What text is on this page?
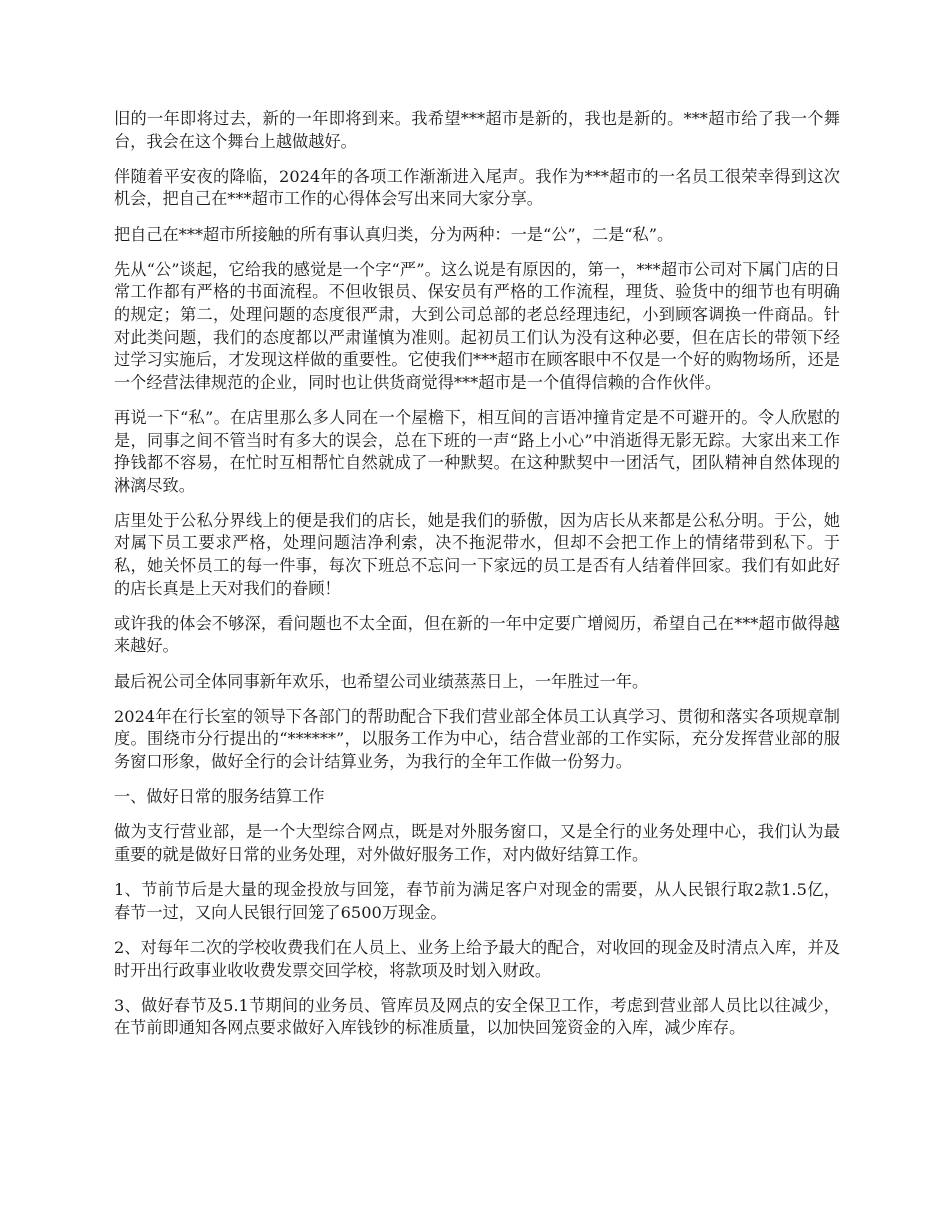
旧的一年即将过去，新的一年即将到来。我希望***超市是新的，我也是新的。***超市给了我一个舞台，我会在这个舞台上越做越好。

伴随着平安夜的降临，2024年的各项工作渐渐进入尾声。我作为***超市的一名员工很荣幸得到这次机会，把自己在***超市工作的心得体会写出来同大家分享。

把自己在***超市所接触的所有事认真归类，分为两种：一是“公”，二是“私”。

先从“公”谈起，它给我的感觉是一个字“严”。这么说是有原因的，第一，***超市公司对下属门店的日常工作都有严格的书面流程。不但收银员、保安员有严格的工作流程，理货、验货中的细节也有明确的规定；第二，处理问题的态度很严肃，大到公司总部的老总经理违纪，小到顾客调换一件商品。针对此类问题，我们的态度都以严肃谨慎为准则。起初员工们认为没有这种必要，但在店长的带领下经过学习实施后，才发现这样做的重要性。它使我们***超市在顾客眼中不仅是一个好的购物场所，还是一个经营法律规范的企业，同时也让供货商觉得***超市是一个值得信赖的合作伙伴。

再说一下“私”。在店里那么多人同在一个屋檐下，相互间的言语冲撞肯定是不可避开的。令人欣慰的是，同事之间不管当时有多大的误会，总在下班的一声“路上小心”中消逝得无影无踪。大家出来工作挣钱都不容易，在忙时互相帮忙自然就成了一种默契。在这种默契中一团活气，团队精神自然体现的淋漓尽致。

店里处于公私分界线上的便是我们的店长，她是我们的骄傲，因为店长从来都是公私分明。于公，她对属下员工要求严格，处理问题洁净利索，决不拖泥带水，但却不会把工作上的情绪带到私下。于私，她关怀员工的每一件事，每次下班总不忘问一下家远的员工是否有人结着伴回家。我们有如此好的店长真是上天对我们的眷顾！

或许我的体会不够深，看问题也不太全面，但在新的一年中定要广增阅历，希望自己在***超市做得越来越好。

最后祝公司全体同事新年欢乐，也希望公司业绩蒸蒸日上，一年胜过一年。

2024年在行长室的领导下各部门的帮助配合下我们营业部全体员工认真学习、贯彻和落实各项规章制度。围绕市分行提出的“******”，以服务工作为中心，结合营业部的工作实际，充分发挥营业部的服务窗口形象，做好全行的会计结算业务，为我行的全年工作做一份努力。

一、做好日常的服务结算工作

做为支行营业部，是一个大型综合网点，既是对外服务窗口，又是全行的业务处理中心，我们认为最重要的就是做好日常的业务处理，对外做好服务工作，对内做好结算工作。

1、节前节后是大量的现金投放与回笼，春节前为满足客户对现金的需要，从人民银行取2款1.5亿，春节一过，又向人民银行回笼了6500万现金。

2、对每年二次的学校收费我们在人员上、业务上给予最大的配合，对收回的现金及时清点入库，并及时开出行政事业收收费发票交回学校，将款项及时划入财政。

3、做好春节及5.1节期间的业务员、管库员及网点的安全保卫工作，考虑到营业部人员比以往减少，在节前即通知各网点要求做好入库钱钞的标准质量，以加快回笼资金的入库，减少库存。
